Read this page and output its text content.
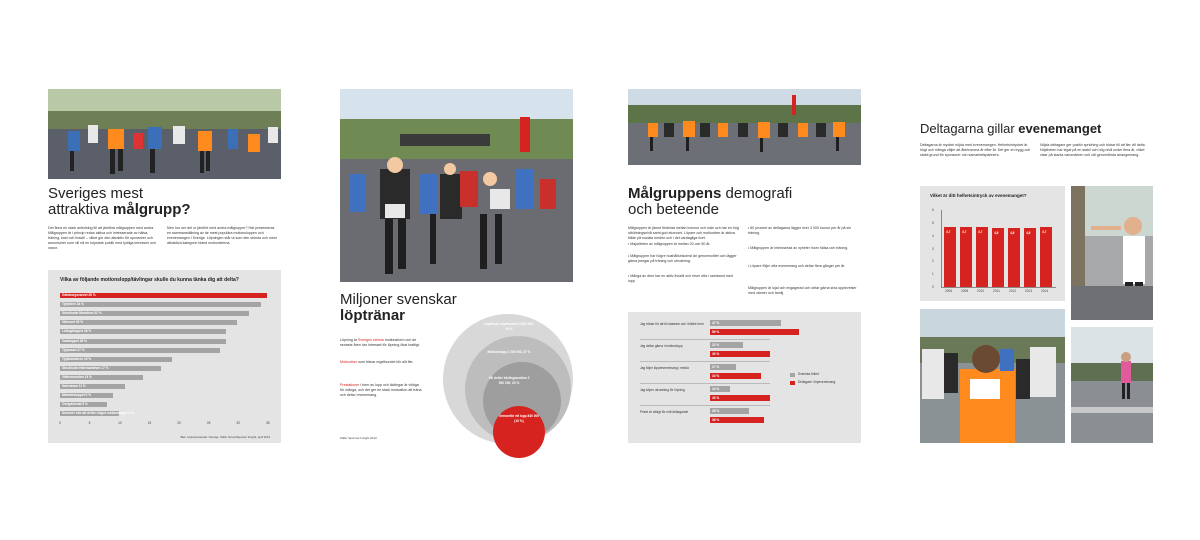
Sveriges mest
attraktiva målgrupp?
Det finns en stark anledning till att jämföra målgruppen med andra. Målgruppen är i princip redan aktiva och intresserade av hälsa, träning, kost och livsstil – vilket gör den attraktiv för sponsorer och annonsörer som vill nå en köpstark publik med tydliga intressen och vanor.
Men hur ser det ut jämfört med andra målgrupper? Här presenteras en sammanställning av de mest populära motionsloppen och evenemangen i Sverige. Löpningen står ut som den största och mest attraktiva kategorin bland motionärerna.
Vilka av följande motionslopp/tävlingar skulle du kunna tänka dig att delta?
Göteborgsvarvet 35 %
Tjejmilen 34 %
Stockholm Marathon 32 %
Vårruset 30 %
Lidingöloppet 28 %
Vasaloppet 28 %
Tjejvasan 27 %
Tjejklassikern 19 %
Stockholm Halvmarathon 17 %
Vätternrundan 14 %
Halvvasan 11 %
Midnattsloppet 9 %
Övriga/annat 8 %
Kommer inte att delta i något motionslopp 10 %
0	5	10	15	20	25	30	35
Bas: Löpintresserade i Sverige. Källa: Novus/Sponsor Insight, april 2013
Miljoner svenskar
löptränar
Löpning är Sveriges största motionsform och de senaste åren har intresset för löpning ökat kraftigt.
Motionärer som tränar regelbundet blir allt fler.
Prestationer i form av lopp och tävlingar är viktiga för många, och det ger en stark motivation att träna och delta i evenemang.
Källa: Sponsor Insight 2013
Löptränar regelbundet 3 000 000, 40 %
Motionslopp 2 200 000, 27 %
Vill delta i tävlingsmotion 2 000 000, 25 %
Genomför ett lopp 840 000 (10 %)
Målgruppens demografi
och beteende
Målgruppen är jämnt fördelad mellan kvinnor och män och har en hög utbildningsnivå samt god ekonomi. Löpare och motionärer är aktiva både på sociala medier och i det vardagliga livet.
• Majoriteten av målgruppen är mellan 20 och 50 år.
• Målgruppen har högre hushållsinkomst än genomsnittet och lägger gärna pengar på träning och utrustning.
• Många av dem har en aktiv livsstil och reser ofta i samband med lopp.
• 60 procent av deltagarna lägger över 3 000 kronor per år på sin träning.
• Målgruppen är intresserad av nyheter inom hälsa och träning.
• Löpare följer ofta evenemang och deltar flera gånger per år.
Målgruppen är lojal och engagerad och delar gärna sina upplevelser med vänner och familj.
Jag tränar för att bli starkare och i bättre form	47 %
59 %
Jag deltar gärna i motionslopp	22 %
40 %
Jag följer löparevenemang i media	17 %
34 %
Jag köper utrustning för löpning	13 %
40 %
Priset är viktigt för mitt deltagande	26 %
36 %
Svenska folket
Deltagare i löpevenemang
Deltagarna gillar evenemanget
Deltagarna är mycket nöjda med evenemangen. Helhetsintrycket är högt och många väljer att återkomma år efter år. Det ger en trygg och stabil grund för sponsorer och samarbetspartners.
Nöjda deltagare ger positiv spridning och bidrar till att fler vill delta. Nöjdheten har legat på en stabil och hög nivå under flera år, vilket visar på starka varumärken och väl genomförda arrangemang.
Vilket är ditt helhetsintryck av evenemanget?
6
5
4
3
2
1
0
4,7
2006
4,7
2008
4,7
2010
4,6
2011
4,6
2012
4,6
2013
4,7
2014
